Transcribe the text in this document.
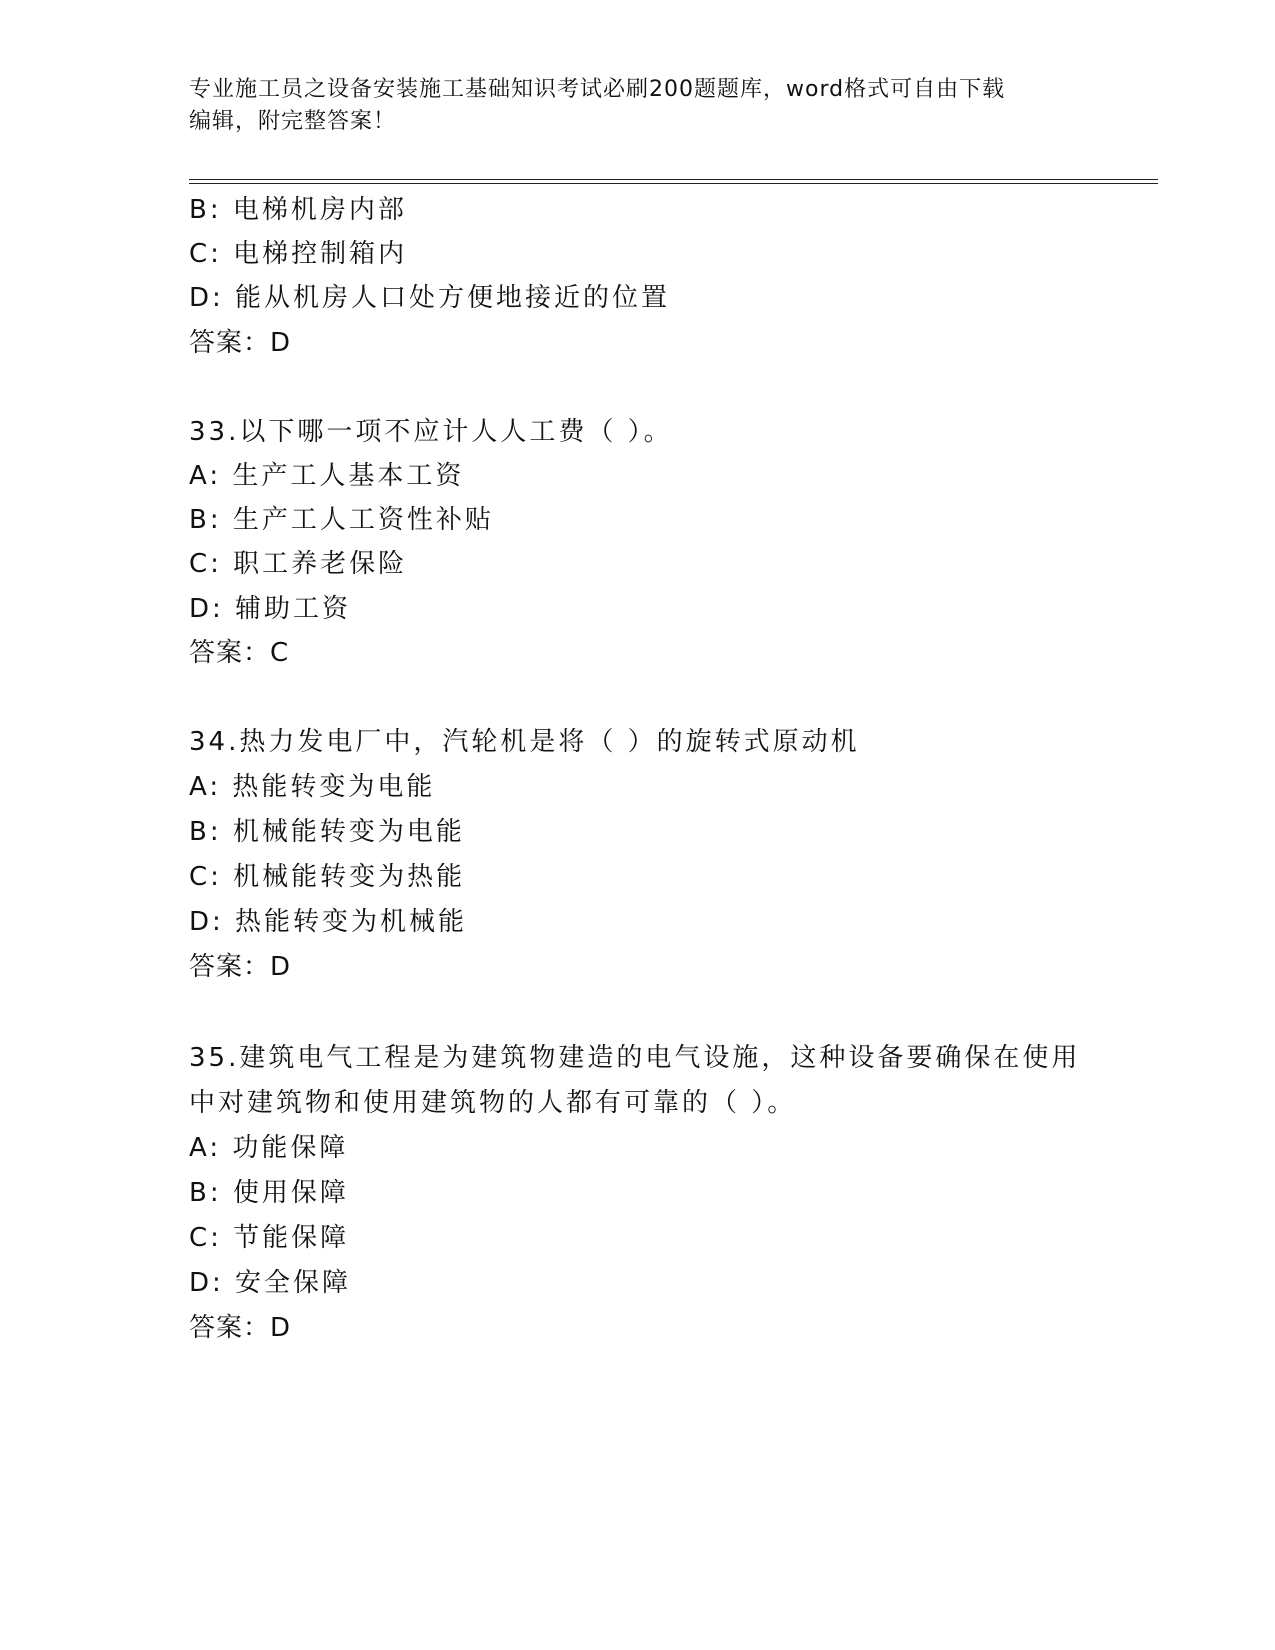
专业施工员之设备安装施工基础知识考试必刷200题题库，word格式可自由下载
编辑，附完整答案！
B: 电梯机房内部
C: 电梯控制箱内
D: 能从机房人口处方便地接近的位置
答案：D
33.以下哪一项不应计人人工费（ ）。
A: 生产工人基本工资
B: 生产工人工资性补贴
C: 职工养老保险
D: 辅助工资
答案：C
34.热力发电厂中，汽轮机是将（ ）的旋转式原动机
A: 热能转变为电能
B: 机械能转变为电能
C: 机械能转变为热能
D: 热能转变为机械能
答案：D
35.建筑电气工程是为建筑物建造的电气设施，这种设备要确保在使用
中对建筑物和使用建筑物的人都有可靠的（ ）。
A: 功能保障
B: 使用保障
C: 节能保障
D: 安全保障
答案：D
